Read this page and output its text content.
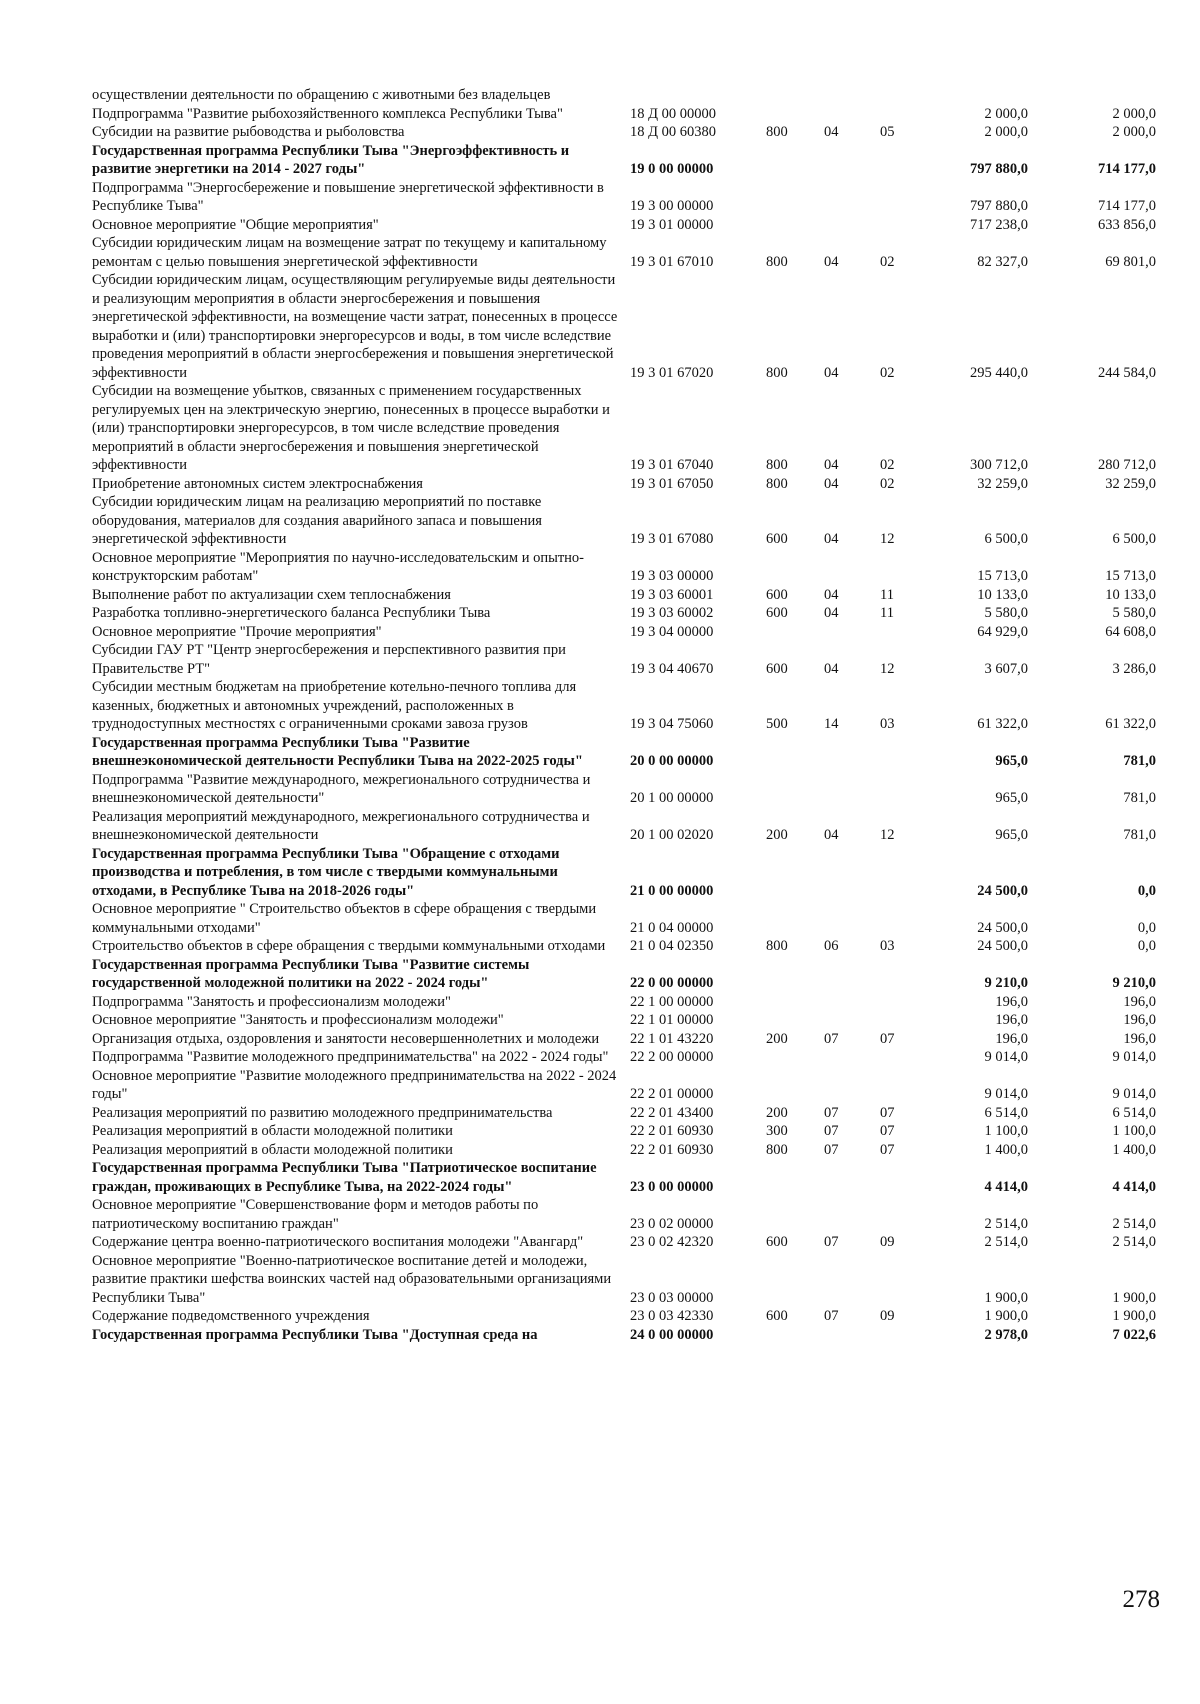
осуществлении деятельности по обращению с животными без владельцев						
Подпрограмма "Развитие рыбохозяйственного комплекса Республики Тыва"	18 Д 00 00000				2 000,0	2 000,0
Субсидии на развитие рыбоводства и рыболовства	18 Д 00 60380	800	04	05	2 000,0	2 000,0
Государственная программа Республики Тыва "Энергоэффективность и развитие энергетики на 2014 - 2027 годы"	19 0 00 00000				797 880,0	714 177,0
Подпрограмма "Энергосбережение и повышение энергетической эффективности в Республике Тыва"	19 3 00 00000				797 880,0	714 177,0
Основное мероприятие "Общие мероприятия"	19 3 01 00000				717 238,0	633 856,0
Субсидии юридическим лицам на возмещение затрат по текущему и капитальному ремонтам с целью повышения энергетической эффективности	19 3 01 67010	800	04	02	82 327,0	69 801,0
Субсидии юридическим лицам, осуществляющим регулируемые виды деятельности и реализующим мероприятия в области энергосбережения и повышения энергетической эффективности, на возмещение части затрат, понесенных в процессе выработки и (или) транспортировки энергоресурсов и воды, в том числе вследствие проведения мероприятий в области энергосбережения и повышения энергетической эффективности	19 3 01 67020	800	04	02	295 440,0	244 584,0
Субсидии на возмещение убытков, связанных с применением государственных регулируемых цен на электрическую энергию, понесенных в процессе выработки и (или) транспортировки энергоресурсов, в том числе вследствие проведения мероприятий в области энергосбережения и повышения энергетической эффективности	19 3 01 67040	800	04	02	300 712,0	280 712,0
Приобретение автономных систем электроснабжения	19 3 01 67050	800	04	02	32 259,0	32 259,0
Субсидии юридическим лицам на реализацию мероприятий по поставке оборудования, материалов для создания аварийного запаса и повышения энергетической эффективности	19 3 01 67080	600	04	12	6 500,0	6 500,0
Основное мероприятие "Мероприятия по научно-исследовательским и опытно-конструкторским работам"	19 3 03 00000				15 713,0	15 713,0
Выполнение работ по актуализации схем теплоснабжения	19 3 03 60001	600	04	11	10 133,0	10 133,0
Разработка топливно-энергетического баланса Республики Тыва	19 3 03 60002	600	04	11	5 580,0	5 580,0
Основное мероприятие "Прочие мероприятия"	19 3 04 00000				64 929,0	64 608,0
Субсидии ГАУ РТ "Центр энергосбережения и перспективного развития при Правительстве РТ"	19 3 04 40670	600	04	12	3 607,0	3 286,0
Субсидии местным бюджетам на приобретение котельно-печного топлива для казенных, бюджетных и автономных учреждений, расположенных в труднодоступных местностях с ограниченными сроками завоза грузов	19 3 04 75060	500	14	03	61 322,0	61 322,0
Государственная программа Республики Тыва "Развитие внешнеэкономической деятельности Республики Тыва на 2022-2025 годы"	20 0 00 00000				965,0	781,0
Подпрограмма "Развитие международного, межрегионального сотрудничества и внешнеэкономической деятельности"	20 1 00 00000				965,0	781,0
Реализация мероприятий международного, межрегионального сотрудничества и внешнеэкономической деятельности	20 1 00 02020	200	04	12	965,0	781,0
Государственная программа Республики Тыва "Обращение с отходами производства и потребления, в том числе с твердыми коммунальными отходами, в Республике Тыва на 2018-2026 годы"	21 0 00 00000				24 500,0	0,0
Основное мероприятие " Строительство объектов в сфере обращения с твердыми коммунальными отходами"	21 0 04 00000				24 500,0	0,0
Строительство объектов в сфере обращения с твердыми коммунальными отходами	21 0 04 02350	800	06	03	24 500,0	0,0
Государственная программа Республики Тыва "Развитие системы государственной молодежной политики на 2022 - 2024 годы"	22 0 00 00000				9 210,0	9 210,0
Подпрограмма "Занятость и профессионализм молодежи"	22 1 00 00000				196,0	196,0
Основное мероприятие "Занятость и профессионализм молодежи"	22 1 01 00000				196,0	196,0
Организация отдыха, оздоровления и занятости несовершеннолетних и молодежи	22 1 01 43220	200	07	07	196,0	196,0
Подпрограмма "Развитие молодежного предпринимательства" на 2022 - 2024 годы"	22 2 00 00000				9 014,0	9 014,0
Основное мероприятие "Развитие молодежного предпринимательства на 2022 - 2024 годы"	22 2 01 00000				9 014,0	9 014,0
Реализация мероприятий по развитию молодежного предпринимательства	22 2 01 43400	200	07	07	6 514,0	6 514,0
Реализация мероприятий в области молодежной политики	22 2 01 60930	300	07	07	1 100,0	1 100,0
Реализация мероприятий в области молодежной политики	22 2 01 60930	800	07	07	1 400,0	1 400,0
Государственная программа Республики Тыва "Патриотическое воспитание граждан, проживающих в Республике Тыва, на 2022-2024 годы"	23 0 00 00000				4 414,0	4 414,0
Основное мероприятие "Совершенствование форм и методов работы по патриотическому воспитанию граждан"	23 0 02 00000				2 514,0	2 514,0
Содержание центра военно-патриотического воспитания молодежи "Авангард"	23 0 02 42320	600	07	09	2 514,0	2 514,0
Основное мероприятие "Военно-патриотическое воспитание детей и молодежи, развитие практики шефства воинских частей над образовательными организациями Республики Тыва"	23 0 03 00000				1 900,0	1 900,0
Содержание подведомственного учреждения	23 0 03 42330	600	07	09	1 900,0	1 900,0
Государственная программа Республики Тыва "Доступная среда на	24 0 00 00000				2 978,0	7 022,6
278
